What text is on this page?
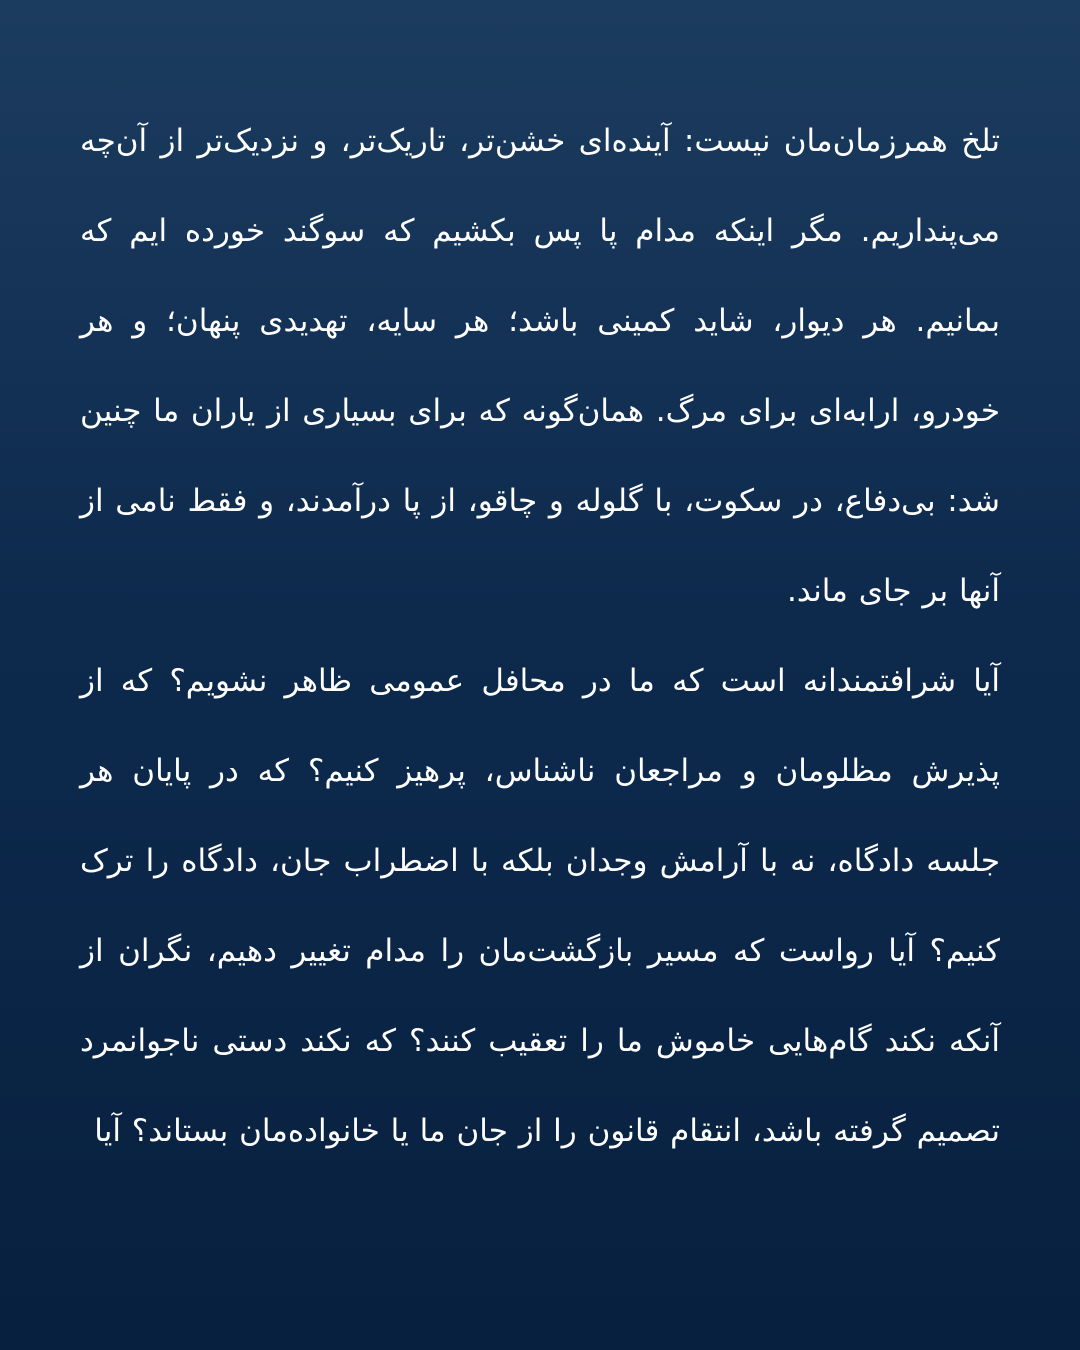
تلخ همرزمان‌مان نیست: آینده‌ای خشن‌تر، تاریک‌تر، و نزدیک‌تر از آن‌چه می‌پنداریم. مگر اینکه مدام پا پس بکشیم که سوگند خورده ایم که بمانیم. هر دیوار، شاید کمینی باشد؛ هر سایه، تهدیدی پنهان؛ و هر خودرو، ارابه‌ای برای مرگ. همان‌گونه که برای بسیاری از یاران ما چنین شد: بی‌دفاع، در سکوت، با گلوله و چاقو، از پا درآمدند، و فقط نامی از آنها بر جای ماند.

آیا شرافتمندانه است که ما در محافل عمومی ظاهر نشویم؟ که از پذیرش مظلومان و مراجعان ناشناس، پرهیز کنیم؟ که در پایان هر جلسه دادگاه، نه با آرامش وجدان بلکه با اضطراب جان، دادگاه را ترک کنیم؟ آیا رواست که مسیر بازگشت‌مان را مدام تغییر دهیم، نگران از آنکه نکند گام‌هایی خاموش ما را تعقیب کنند؟ که نکند دستی ناجوانمرد تصمیم گرفته باشد، انتقام قانون را از جان ما یا خانواده‌مان بستاند؟ آیا
